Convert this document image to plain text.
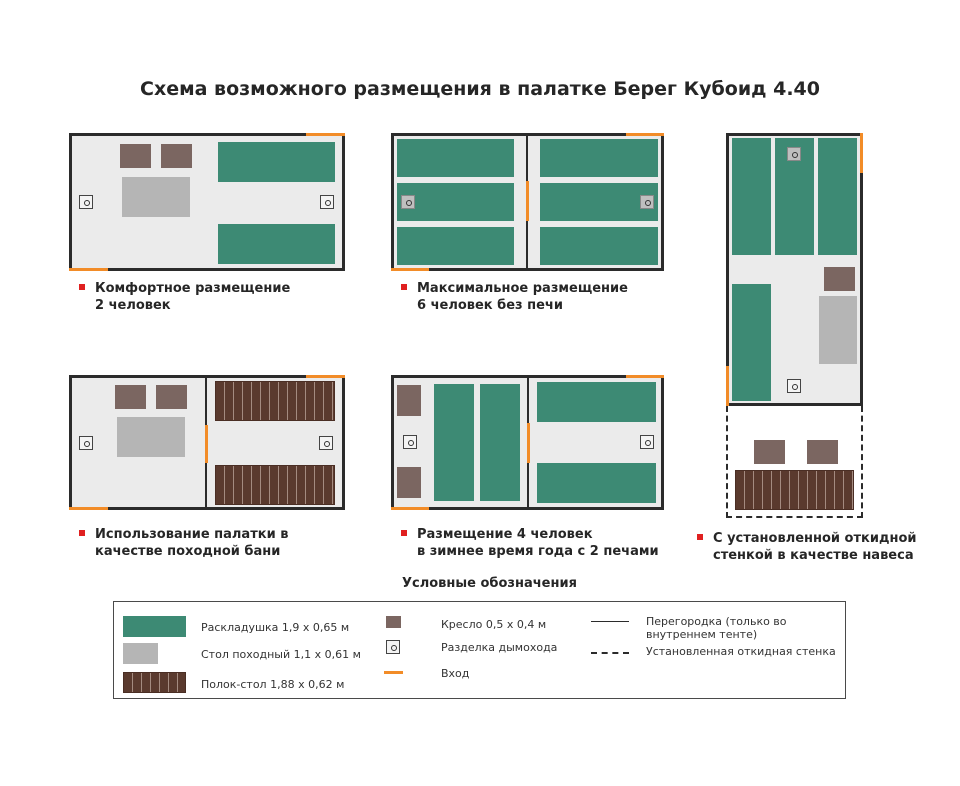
Схема возможного размещения в палатке Берег Кубоид 4.40
Комфортное размещение
2 человек
Максимальное размещение
6 человек без печи
С установленной откидной
стенкой в качестве навеса
Использование палатки в
качестве походной бани
Размещение 4 человек
в зимнее время года с 2 печами
Условные обозначения
Раскладушка 1,9 x 0,65 м
Стол походный 1,1 x 0,61 м
Полок-стол 1,88 x 0,62 м
Кресло 0,5 x 0,4 м
Разделка дымохода
Вход
Перегородка (только во внутреннем тенте)
Установленная откидная стенка
